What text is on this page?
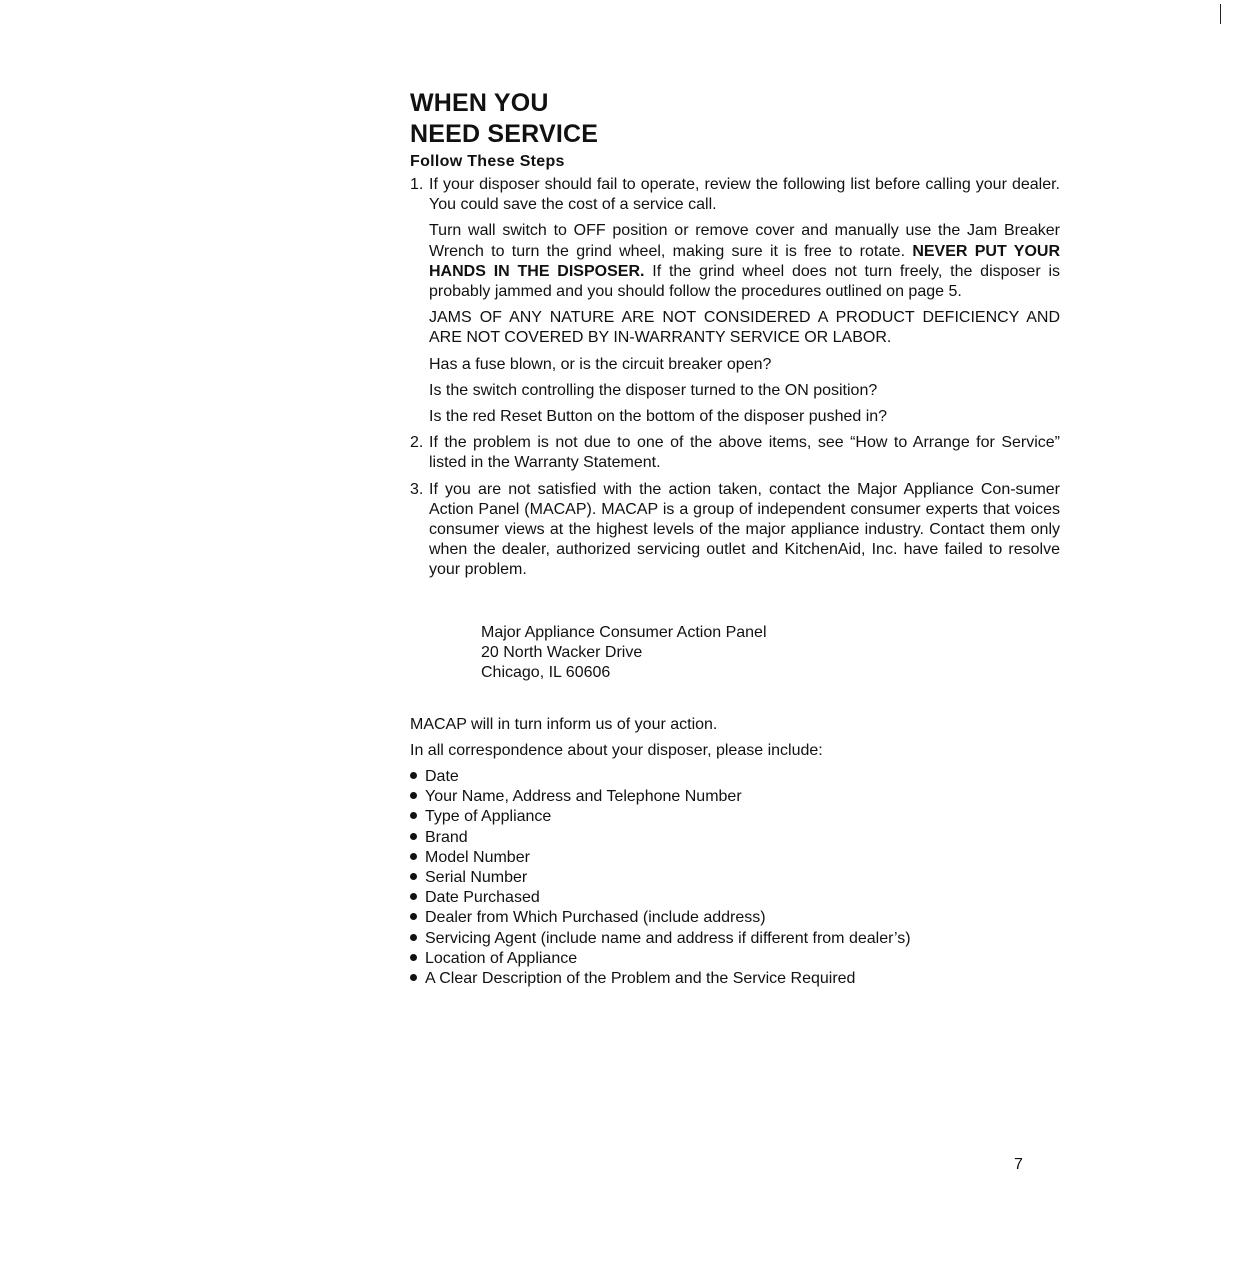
WHEN YOU
NEED SERVICE
Follow These Steps
1. If your disposer should fail to operate, review the following list before calling your dealer. You could save the cost of a service call.

Turn wall switch to OFF position or remove cover and manually use the Jam Breaker Wrench to turn the grind wheel, making sure it is free to rotate. NEVER PUT YOUR HANDS IN THE DISPOSER. If the grind wheel does not turn freely, the disposer is probably jammed and you should follow the procedures outlined on page 5.

JAMS OF ANY NATURE ARE NOT CONSIDERED A PRODUCT DEFICIENCY AND ARE NOT COVERED BY IN-WARRANTY SERVICE OR LABOR.

Has a fuse blown, or is the circuit breaker open?

Is the switch controlling the disposer turned to the ON position?

Is the red Reset Button on the bottom of the disposer pushed in?

2. If the problem is not due to one of the above items, see “How to Arrange for Service” listed in the Warranty Statement.

3. If you are not satisfied with the action taken, contact the Major Appliance Con-sumer Action Panel (MACAP). MACAP is a group of independent consumer experts that voices consumer views at the highest levels of the major appliance industry. Contact them only when the dealer, authorized servicing outlet and KitchenAid, Inc. have failed to resolve your problem.

Major Appliance Consumer Action Panel
20 North Wacker Drive
Chicago, IL 60606

MACAP will in turn inform us of your action.

In all correspondence about your disposer, please include:

Date
Your Name, Address and Telephone Number
Type of Appliance
Brand
Model Number
Serial Number
Date Purchased
Dealer from Which Purchased (include address)
Servicing Agent (include name and address if different from dealer’s)
Location of Appliance
A Clear Description of the Problem and the Service Required
7
